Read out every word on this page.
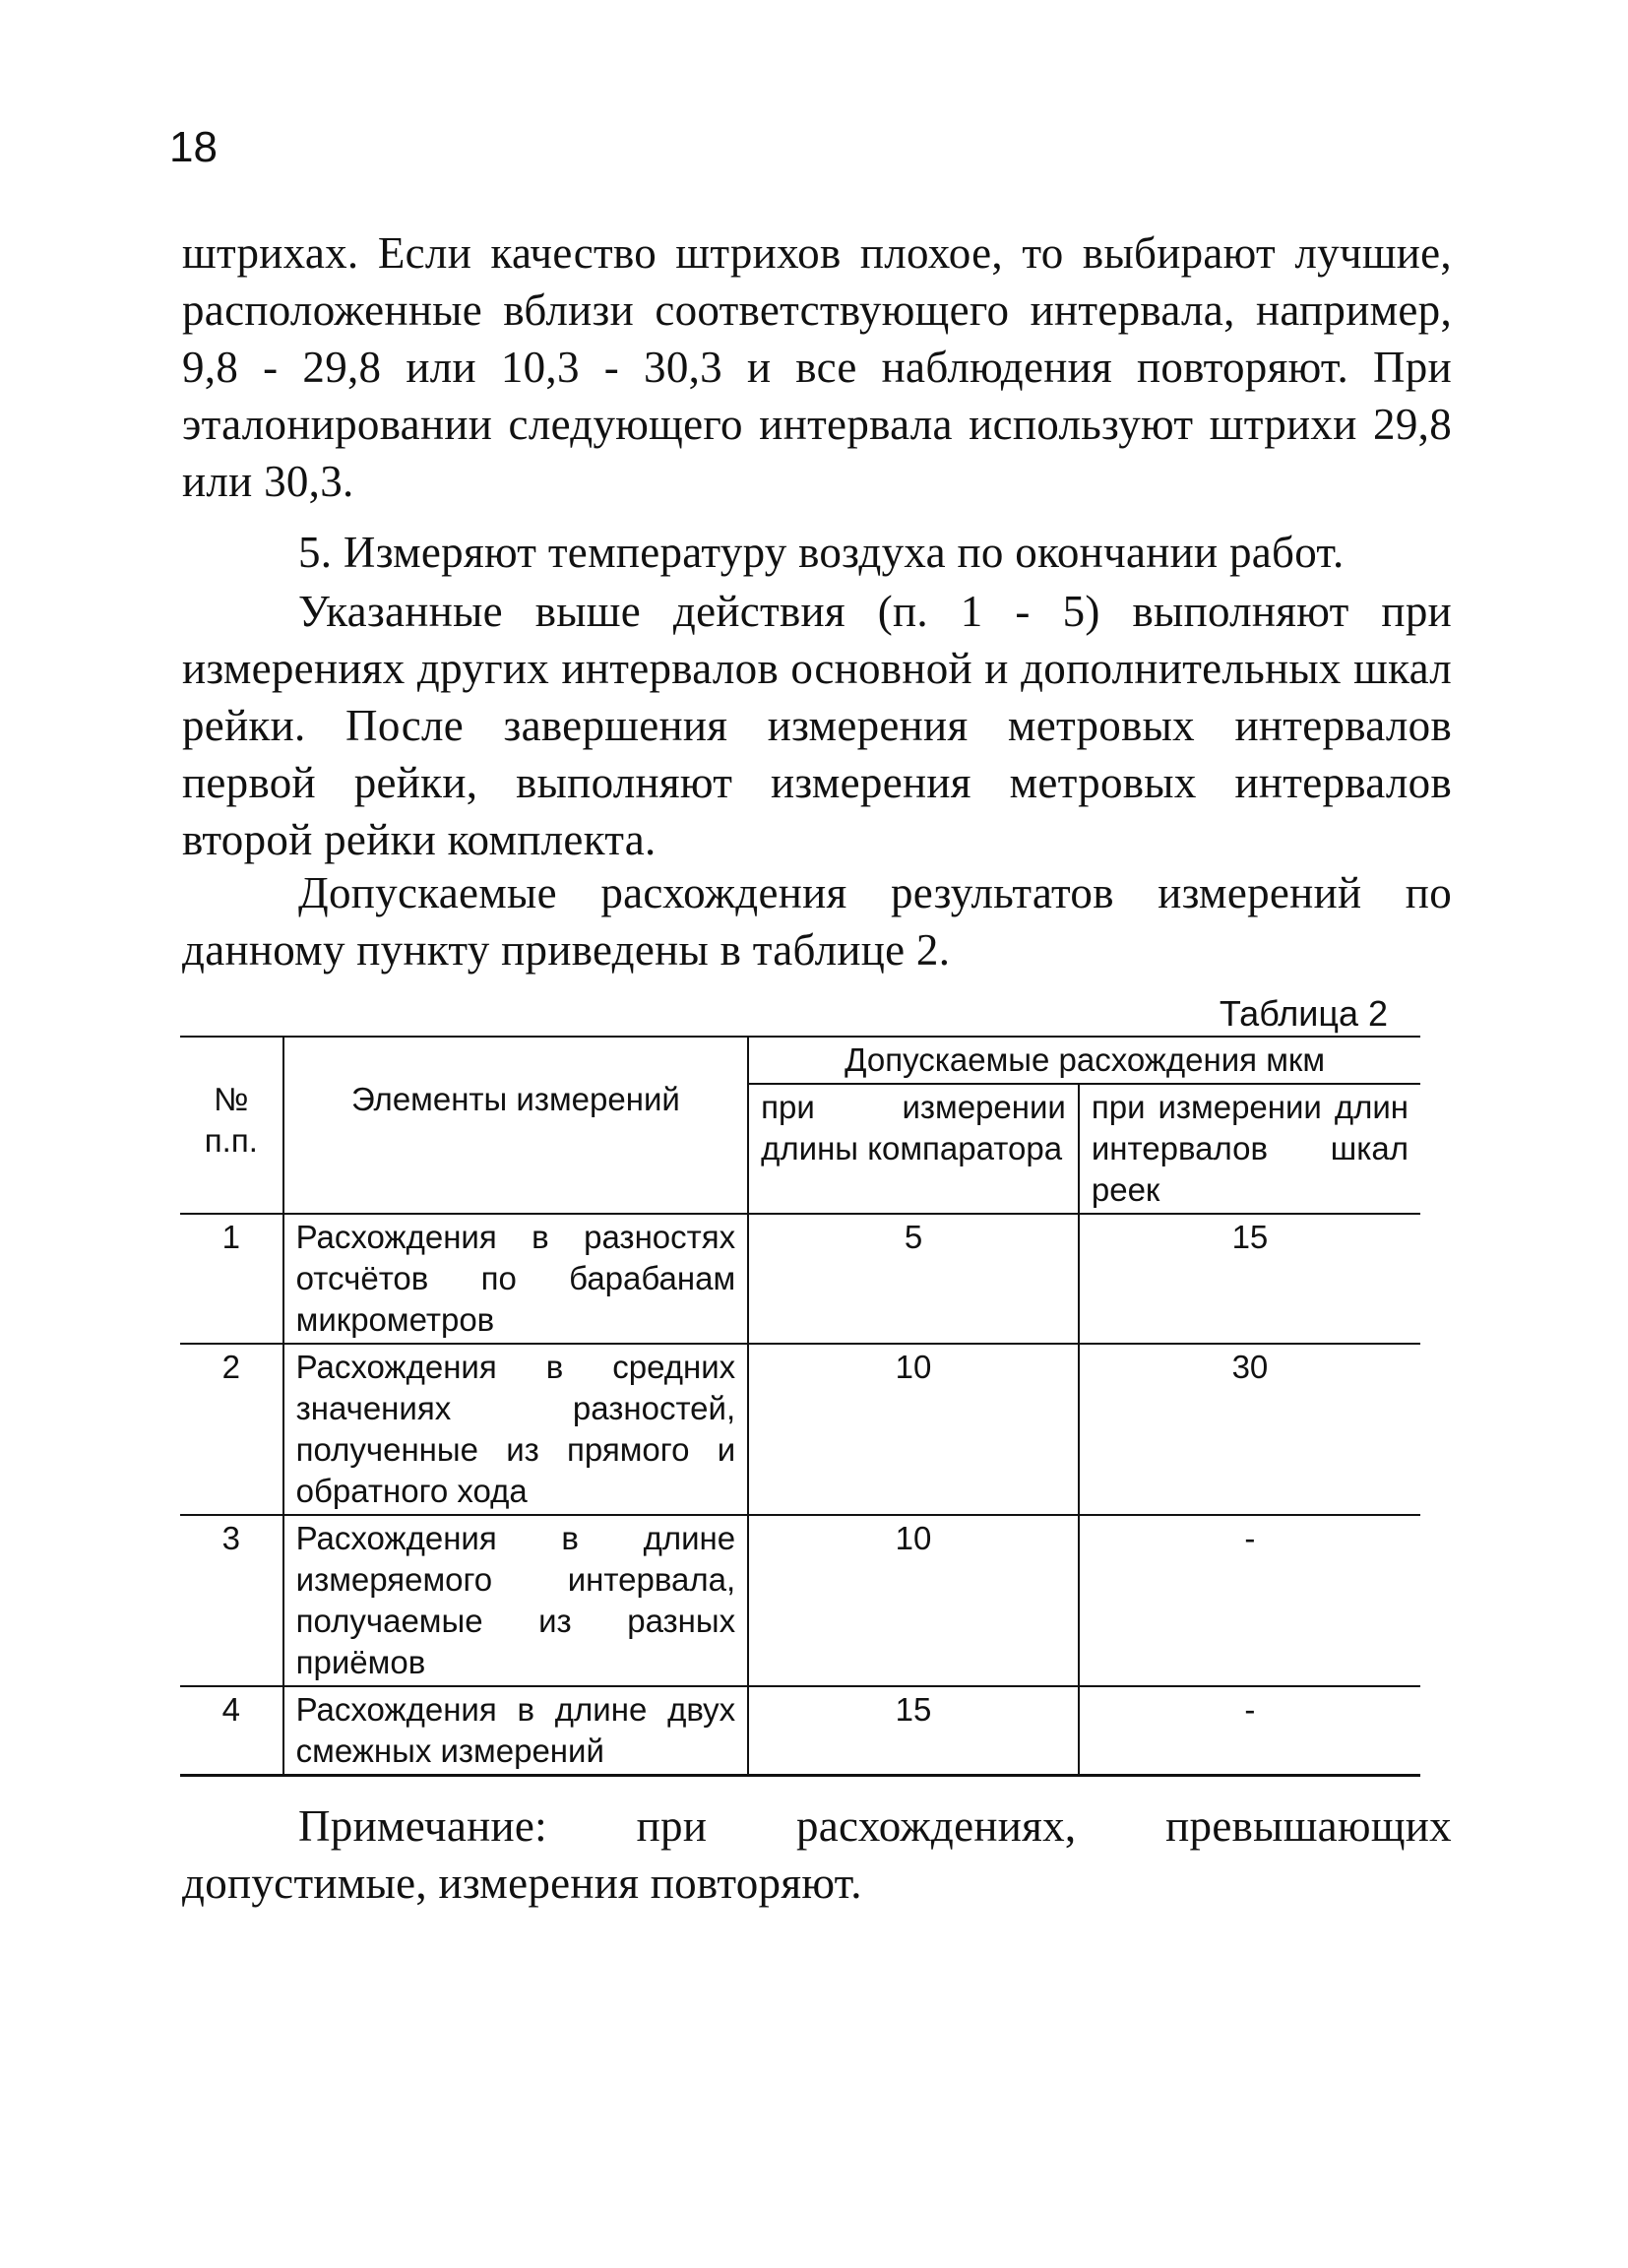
18

штрихах. Если качество штрихов плохое, то выбирают лучшие, расположенные вблизи соответствующего интервала, например, 9,8 - 29,8 или 10,3 - 30,3 и все наблюдения повторяют. При эталонировании следующего интервала используют штрихи 29,8 или 30,3.

5. Измеряют температуру воздуха по окончании работ.

Указанные выше действия (п. 1 - 5) выполняют при измерениях других интервалов основной и дополнительных шкал рейки. После завершения измерения метровых интервалов первой рейки, выполняют измерения метровых интервалов второй рейки комплекта.

Допускаемые расхождения результатов измерений по данному пункту приведены в таблице 2.

Таблица 2
№ п.п.	Элементы измерений	Допускаемые расхождения мкм	
		при измерении длины компаратора	при измерении длин интервалов шкал реек
1	Расхождения в разностях отсчётов по барабанам микрометров	5	15
2	Расхождения в средних значениях разностей, полученные из прямого и обратного хода	10	30
3	Расхождения в длине измеряемого интервала, получаемые из разных приёмов	10	-
4	Расхождения в длине двух смежных измерений	15	-

Примечание: при расхождениях, превышающих допустимые, измерения повторяют.
